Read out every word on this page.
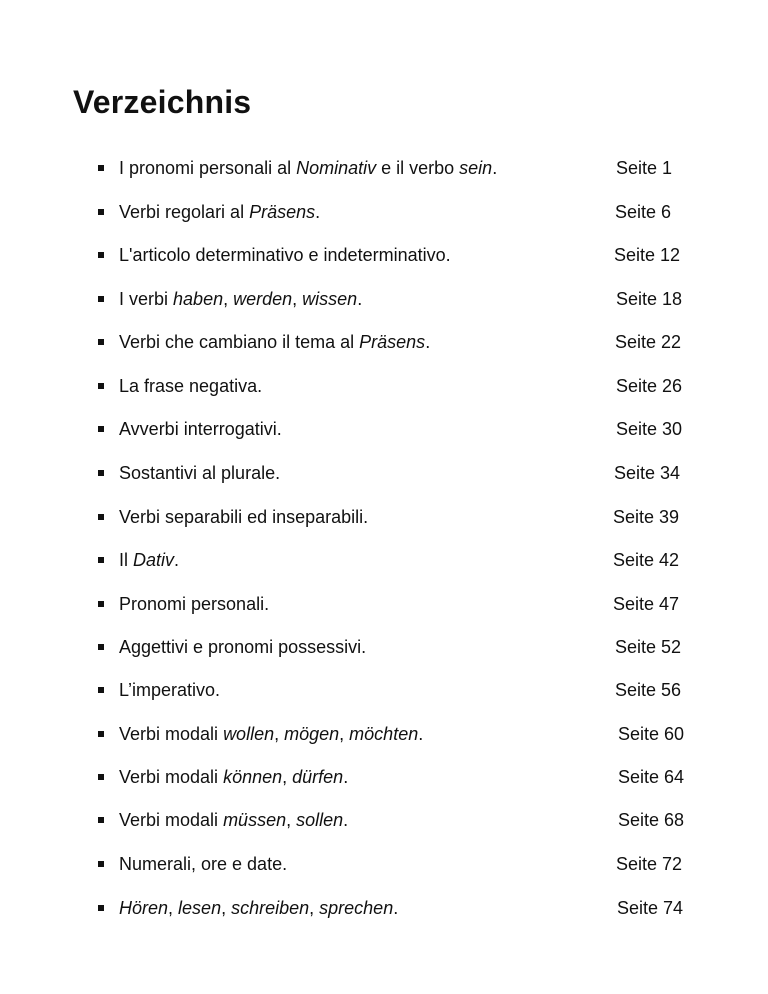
Verzeichnis
I pronomi personali al Nominativ e il verbo sein.	Seite 1
Verbi regolari al Präsens.	Seite 6
L'articolo determinativo e indeterminativo.	Seite 12
I verbi haben, werden, wissen.	Seite 18
Verbi che cambiano il tema al Präsens.	Seite 22
La frase negativa.	Seite 26
Avverbi interrogativi.	Seite 30
Sostantivi al plurale.	Seite 34
Verbi separabili ed inseparabili.	Seite 39
Il Dativ.	Seite 42
Pronomi personali.	Seite 47
Aggettivi e pronomi possessivi.	Seite 52
L’imperativo.	Seite 56
Verbi modali wollen, mögen, möchten.	Seite 60
Verbi modali können, dürfen.	Seite 64
Verbi modali müssen, sollen.	Seite 68
Numerali, ore e date.	Seite 72
Hören, lesen, schreiben, sprechen.	Seite 74
